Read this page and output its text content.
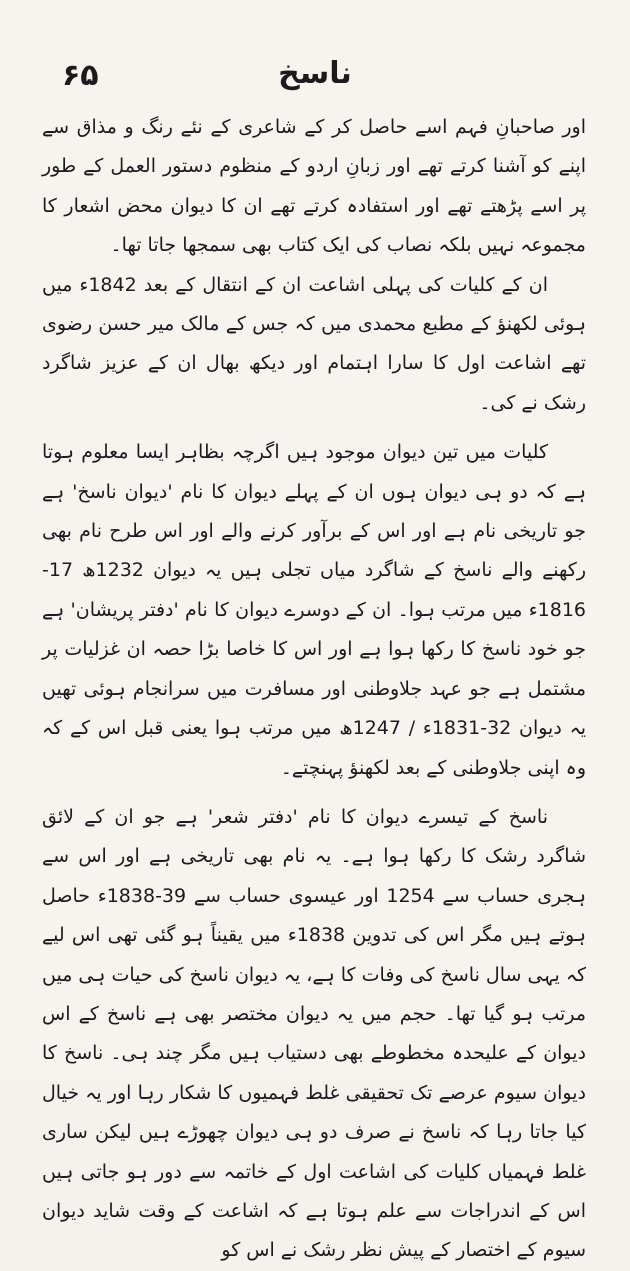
۶۵	ناسخ

اور صاحبانِ فہم اسے حاصل کر کے شاعری کے نئے رنگ و مذاق سے اپنے کو آشنا کرتے تھے اور زبانِ اردو کے منظوم دستور العمل کے طور پر اسے پڑھتے تھے اور استفادہ کرتے تھے ان کا دیوان محض اشعار کا مجموعہ نہیں بلکہ نصاب کی ایک کتاب بھی سمجھا جاتا تھا۔

ان کے کلیات کی پہلی اشاعت ان کے انتقال کے بعد 1842ء میں ہوئی لکھنؤ کے مطبع محمدی میں کہ جس کے مالک میر حسن رضوی تھے اشاعت اول کا سارا اہتمام اور دیکھ بھال ان کے عزیز شاگرد رشک نے کی۔

کلیات میں تین دیوان موجود ہیں اگرچہ بظاہر ایسا معلوم ہوتا ہے کہ دو ہی دیوان ہوں ان کے پہلے دیوان کا نام 'دیوان ناسخ' ہے جو تاریخی نام ہے اور اس کے برآور کرنے والے اور اس طرح نام بھی رکھنے والے ناسخ کے شاگرد میاں تجلی ہیں یہ دیوان 1232ھ 17-1816ء میں مرتب ہوا۔ ان کے دوسرے دیوان کا نام 'دفتر پریشان' ہے جو خود ناسخ کا رکھا ہوا ہے اور اس کا خاصا بڑا حصہ ان غزلیات پر مشتمل ہے جو عہد جلاوطنی اور مسافرت میں سرانجام ہوئی تھیں یہ دیوان 32-1831ء / 1247ھ میں مرتب ہوا یعنی قبل اس کے کہ وہ اپنی جلاوطنی کے بعد لکھنؤ پہنچتے۔

ناسخ کے تیسرے دیوان کا نام 'دفتر شعر' ہے جو ان کے لائق شاگرد رشک کا رکھا ہوا ہے۔ یہ نام بھی تاریخی ہے اور اس سے ہجری حساب سے 1254 اور عیسوی حساب سے 39-1838ء حاصل ہوتے ہیں مگر اس کی تدوین 1838ء میں یقیناً ہو گئی تھی اس لیے کہ یہی سال ناسخ کی وفات کا ہے، یہ دیوان ناسخ کی حیات ہی میں مرتب ہو گیا تھا۔ حجم میں یہ دیوان مختصر بھی ہے ناسخ کے اس دیوان کے علیحدہ مخطوطے بھی دستیاب ہیں مگر چند ہی۔ ناسخ کا دیوان سیوم عرصے تک تحقیقی غلط فہمیوں کا شکار رہا اور یہ خیال کیا جاتا رہا کہ ناسخ نے صرف دو ہی دیوان چھوڑے ہیں لیکن ساری غلط فہمیاں کلیات کی اشاعت اول کے خاتمہ سے دور ہو جاتی ہیں اس کے اندراجات سے علم ہوتا ہے کہ اشاعت کے وقت شاید دیوان سیوم کے اختصار کے پیش نظر رشک نے اس کو
